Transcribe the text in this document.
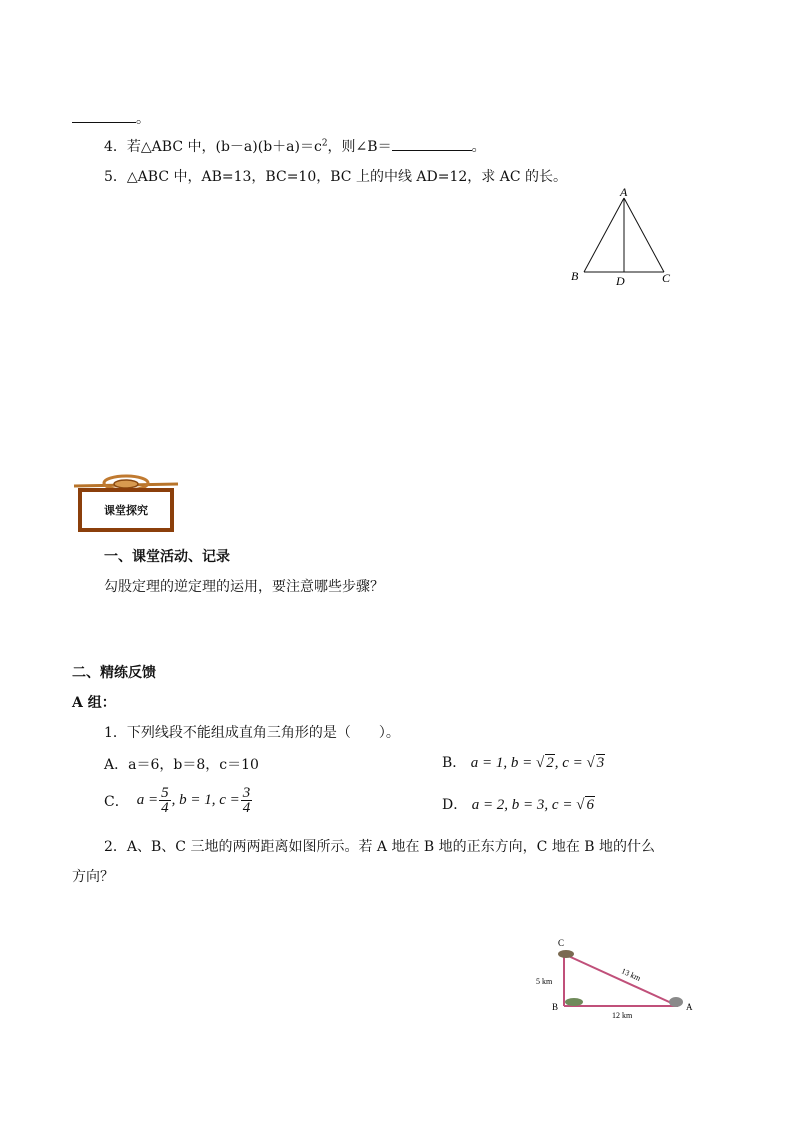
。
4．若△ABC 中，$(b-a)(b+a)=c^2$，则∠B＝	。
5．△ABC 中，AB=13，BC=10，BC 上的中线 AD=12，求 AC 的长。
A
B	D	C
课堂探究
一、课堂活动、记录
勾股定理的逆定理的运用，要注意哪些步骤？
二、精练反馈
A 组：
1．下列线段不能组成直角三角形的是（　　）。
A．a＝6，b＝8，c＝10	B． a = 1, b = √ 2, c = √ 3
C． $a = \frac{5}{4}$ , b = 1, $c = \frac{3}{4}$	D． a = 2, b = 3, c = √ 6
2．A、B、C 三地的两两距离如图所示。若 A 地在 B 地的正东方向，C 地在 B 地的什么
方向？
C
B	A
5 km	13 km
12 km
